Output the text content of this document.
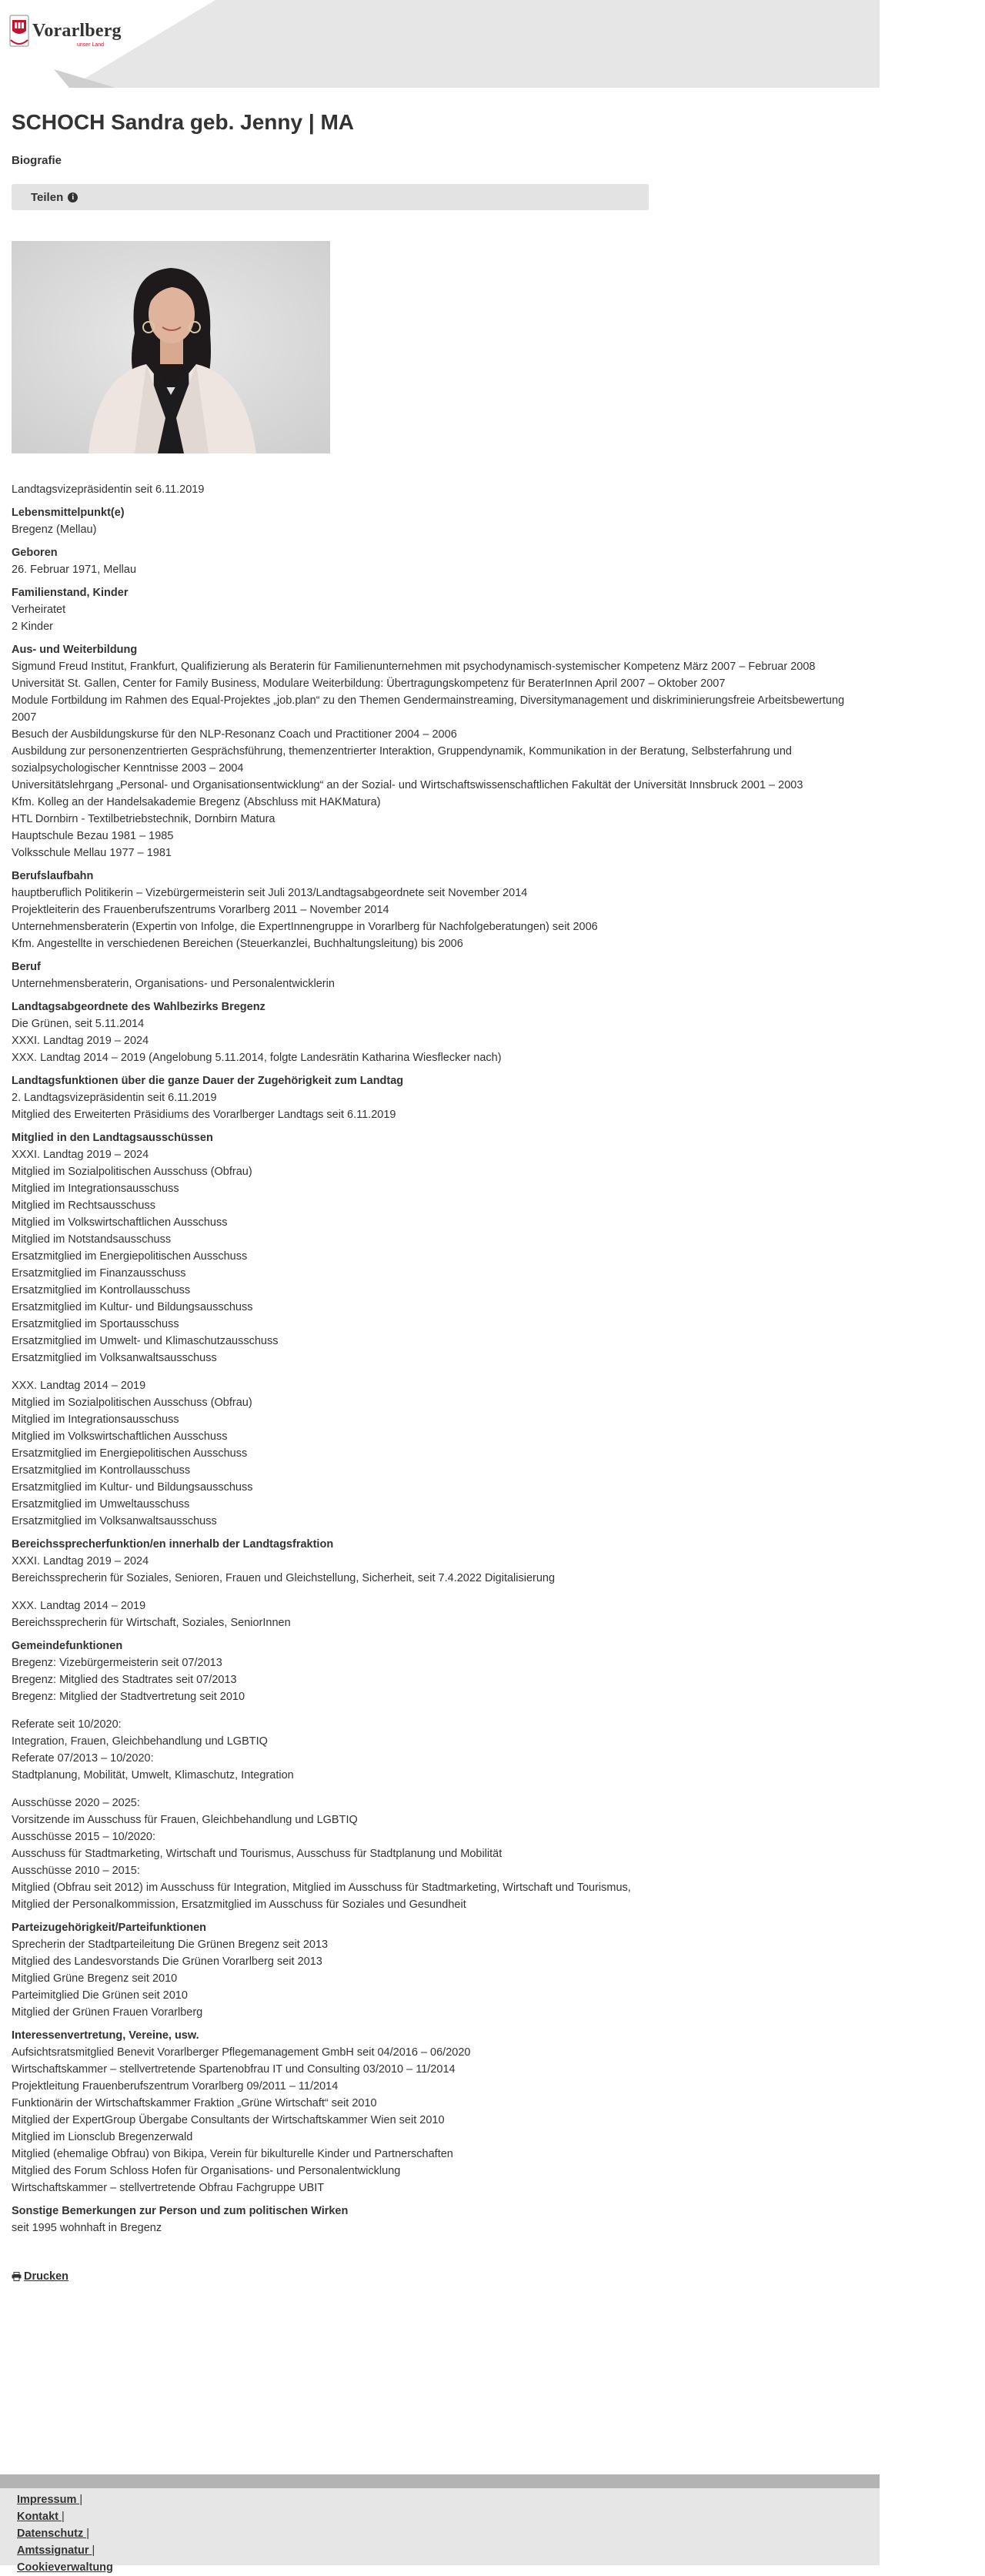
Vorarlberg
unser Land
SCHOCH Sandra geb. Jenny | MA
Biografie
Teilen	i
Landtagsvizepräsidentin seit 6.11.2019
Lebensmittelpunkt(e)
Bregenz (Mellau)
Geboren
26. Februar 1971, Mellau
Familienstand, Kinder
Verheiratet
2 Kinder
Aus- und Weiterbildung
Sigmund Freud Institut, Frankfurt, Qualifizierung als Beraterin für Familienunternehmen mit psychodynamisch-systemischer Kompetenz März 2007 – Februar 2008
Universität St. Gallen, Center for Family Business, Modulare Weiterbildung: Übertragungskompetenz für BeraterInnen April 2007 – Oktober 2007
Module Fortbildung im Rahmen des Equal-Projektes „job.plan“ zu den Themen Gendermainstreaming, Diversitymanagement und diskriminierungsfreie Arbeitsbewertung 2007
Besuch der Ausbildungskurse für den NLP-Resonanz Coach und Practitioner 2004 – 2006
Ausbildung zur personenzentrierten Gesprächsführung, themenzentrierter Interaktion, Gruppendynamik, Kommunikation in der Beratung, Selbsterfahrung und sozialpsychologischer Kenntnisse 2003 – 2004
Universitätslehrgang „Personal- und Organisationsentwicklung“ an der Sozial- und Wirtschaftswissenschaftlichen Fakultät der Universität Innsbruck 2001 – 2003
Kfm. Kolleg an der Handelsakademie Bregenz (Abschluss mit HAKMatura)
HTL Dornbirn - Textilbetriebstechnik, Dornbirn Matura
Hauptschule Bezau 1981 – 1985
Volksschule Mellau 1977 – 1981
Berufslaufbahn
hauptberuflich Politikerin – Vizebürgermeisterin seit Juli 2013/Landtagsabgeordnete seit November 2014
Projektleiterin des Frauenberufszentrums Vorarlberg 2011 – November 2014
Unternehmensberaterin (Expertin von Infolge, die ExpertInnengruppe in Vorarlberg für Nachfolgeberatungen) seit 2006
Kfm. Angestellte in verschiedenen Bereichen (Steuerkanzlei, Buchhaltungsleitung) bis 2006
Beruf
Unternehmensberaterin, Organisations- und Personalentwicklerin
Landtagsabgeordnete des Wahlbezirks Bregenz
Die Grünen, seit 5.11.2014
XXXI. Landtag 2019 – 2024
XXX. Landtag 2014 – 2019 (Angelobung 5.11.2014, folgte Landesrätin Katharina Wiesflecker nach)
Landtagsfunktionen über die ganze Dauer der Zugehörigkeit zum Landtag
2. Landtagsvizepräsidentin seit 6.11.2019
Mitglied des Erweiterten Präsidiums des Vorarlberger Landtags seit 6.11.2019
Mitglied in den Landtagsausschüssen
XXXI. Landtag 2019 – 2024
Mitglied im Sozialpolitischen Ausschuss (Obfrau)
Mitglied im Integrationsausschuss
Mitglied im Rechtsausschuss
Mitglied im Volkswirtschaftlichen Ausschuss
Mitglied im Notstandsausschuss
Ersatzmitglied im Energiepolitischen Ausschuss
Ersatzmitglied im Finanzausschuss
Ersatzmitglied im Kontrollausschuss
Ersatzmitglied im Kultur- und Bildungsausschuss
Ersatzmitglied im Sportausschuss
Ersatzmitglied im Umwelt- und Klimaschutzausschuss
Ersatzmitglied im Volksanwaltsausschuss
XXX. Landtag 2014 – 2019
Mitglied im Sozialpolitischen Ausschuss (Obfrau)
Mitglied im Integrationsausschuss
Mitglied im Volkswirtschaftlichen Ausschuss
Ersatzmitglied im Energiepolitischen Ausschuss
Ersatzmitglied im Kontrollausschuss
Ersatzmitglied im Kultur- und Bildungsausschuss
Ersatzmitglied im Umweltausschuss
Ersatzmitglied im Volksanwaltsausschuss
Bereichssprecherfunktion/en innerhalb der Landtagsfraktion
XXXI. Landtag 2019 – 2024
Bereichssprecherin für Soziales, Senioren, Frauen und Gleichstellung, Sicherheit, seit 7.4.2022 Digitalisierung
XXX. Landtag 2014 – 2019
Bereichssprecherin für Wirtschaft, Soziales, SeniorInnen
Gemeindefunktionen
Bregenz: Vizebürgermeisterin seit 07/2013
Bregenz: Mitglied des Stadtrates seit 07/2013
Bregenz: Mitglied der Stadtvertretung seit 2010
Referate seit 10/2020:
Integration, Frauen, Gleichbehandlung und LGBTIQ
Referate 07/2013 – 10/2020:
Stadtplanung, Mobilität, Umwelt, Klimaschutz, Integration
Ausschüsse 2020 – 2025:
Vorsitzende im Ausschuss für Frauen, Gleichbehandlung und LGBTIQ
Ausschüsse 2015 – 10/2020:
Ausschuss für Stadtmarketing, Wirtschaft und Tourismus, Ausschuss für Stadtplanung und Mobilität
Ausschüsse 2010 – 2015:
Mitglied (Obfrau seit 2012) im Ausschuss für Integration, Mitglied im Ausschuss für Stadtmarketing, Wirtschaft und Tourismus,
Mitglied der Personalkommission, Ersatzmitglied im Ausschuss für Soziales und Gesundheit
Parteizugehörigkeit/Parteifunktionen
Sprecherin der Stadtparteileitung Die Grünen Bregenz seit 2013
Mitglied des Landesvorstands Die Grünen Vorarlberg seit 2013
Mitglied Grüne Bregenz seit 2010
Parteimitglied Die Grünen seit 2010
Mitglied der Grünen Frauen Vorarlberg
Interessenvertretung, Vereine, usw.
Aufsichtsratsmitglied Benevit Vorarlberger Pflegemanagement GmbH seit 04/2016 – 06/2020
Wirtschaftskammer – stellvertretende Spartenobfrau IT und Consulting 03/2010 – 11/2014
Projektleitung Frauenberufszentrum Vorarlberg 09/2011 – 11/2014
Funktionärin der Wirtschaftskammer Fraktion „Grüne Wirtschaft“ seit 2010
Mitglied der ExpertGroup Übergabe Consultants der Wirtschaftskammer Wien seit 2010
Mitglied im Lionsclub Bregenzerwald
Mitglied (ehemalige Obfrau) von Bikipa, Verein für bikulturelle Kinder und Partnerschaften
Mitglied des Forum Schloss Hofen für Organisations- und Personalentwicklung
Wirtschaftskammer – stellvertretende Obfrau Fachgruppe UBIT
Sonstige Bemerkungen zur Person und zum politischen Wirken
seit 1995 wohnhaft in Bregenz
Drucken
Impressum |
Kontakt |
Datenschutz |
Amtssignatur |
Cookieverwaltung
